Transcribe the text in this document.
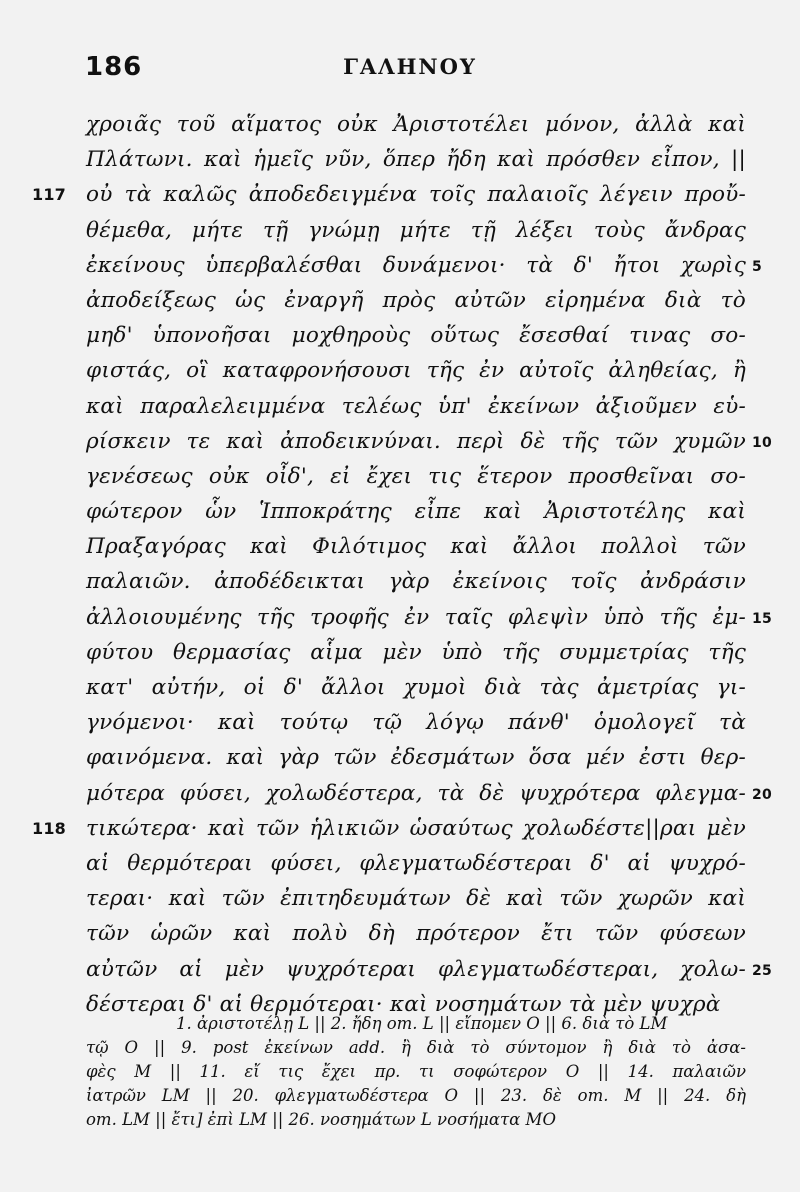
186	ΓΑΛΗΝΟΥ
χροιᾶς τοῦ αἵματος οὐκ Ἀριστοτέλει μόνον, ἀλλὰ καὶ
Πλάτωνι. καὶ ἡμεῖς νῦν, ὅπερ ἤδη καὶ πρόσθεν εἶπον, ||
οὐ τὰ καλῶς ἀποδεδειγμένα τοῖς παλαιοῖς λέγειν προὔ-
117
θέμεθα, μήτε τῇ γνώμῃ μήτε τῇ λέξει τοὺς ἄνδρας
ἐκείνους ὑπερβαλέσθαι δυνάμενοι· τὰ δ' ἤτοι χωρὶς 5
ἀποδείξεως ὡς ἐναργῆ πρὸς αὐτῶν εἰρημένα διὰ τὸ
μηδ' ὑπονοῆσαι μοχθηροὺς οὕτως ἔσεσθαί τινας σο-
φιστάς, οἳ καταφρονήσουσι τῆς ἐν αὐτοῖς ἀληθείας, ἢ
καὶ παραλελειμμένα τελέως ὑπ' ἐκείνων ἀξιοῦμεν εὑ-
ρίσκειν τε καὶ ἀποδεικνύναι. περὶ δὲ τῆς τῶν χυμῶν 10
γενέσεως οὐκ οἶδ', εἰ ἔχει τις ἕτερον προσθεῖναι σο-
φώτερον ὧν Ἱπποκράτης εἶπε καὶ Ἀριστοτέλης καὶ
Πραξαγόρας καὶ Φιλότιμος καὶ ἄλλοι πολλοὶ τῶν
παλαιῶν. ἀποδέδεικται γὰρ ἐκείνοις τοῖς ἀνδράσιν
ἀλλοιουμένης τῆς τροφῆς ἐν ταῖς φλεψὶν ὑπὸ τῆς ἐμ- 15
φύτου θερμασίας αἷμα μὲν ὑπὸ τῆς συμμετρίας τῆς
κατ' αὐτήν, οἱ δ' ἄλλοι χυμοὶ διὰ τὰς ἀμετρίας γι-
γνόμενοι· καὶ τούτῳ τῷ λόγῳ πάνθ' ὁμολογεῖ τὰ
φαινόμενα. καὶ γὰρ τῶν ἐδεσμάτων ὅσα μέν ἐστι θερ-
μότερα φύσει, χολωδέστερα, τὰ δὲ ψυχρότερα φλεγμα- 20
τικώτερα· καὶ τῶν ἡλικιῶν ὡσαύτως χολωδέστε||ραι μὲν
118
αἱ θερμότεραι φύσει, φλεγματωδέστεραι δ' αἱ ψυχρό-
τεραι· καὶ τῶν ἐπιτηδευμάτων δὲ καὶ τῶν χωρῶν καὶ
τῶν ὡρῶν καὶ πολὺ δὴ πρότερον ἔτι τῶν φύσεων
αὐτῶν αἱ μὲν ψυχρότεραι φλεγματωδέστεραι, χολω- 25
δέστεραι δ' αἱ θερμότεραι· καὶ νοσημάτων τὰ μὲν ψυχρὰ
1. ἀριστοτέλῃ L || 2. ἤδη om. L || εἴπομεν O || 6. διὰ τὸ LM
τῷ O || 9. post ἐκείνων add. ἢ διὰ τὸ σύντομον ἢ διὰ τὸ ἀσα-
φὲς M || 11. εἴ τις ἔχει πρ. τι σοφώτερον O || 14. παλαιῶν
ἰατρῶν LM || 20. φλεγματωδέστερα O || 23. δὲ om. M || 24. δὴ
om. LM || ἔτι] ἐπὶ LM || 26. νοσημάτων L νοσήματα MO
